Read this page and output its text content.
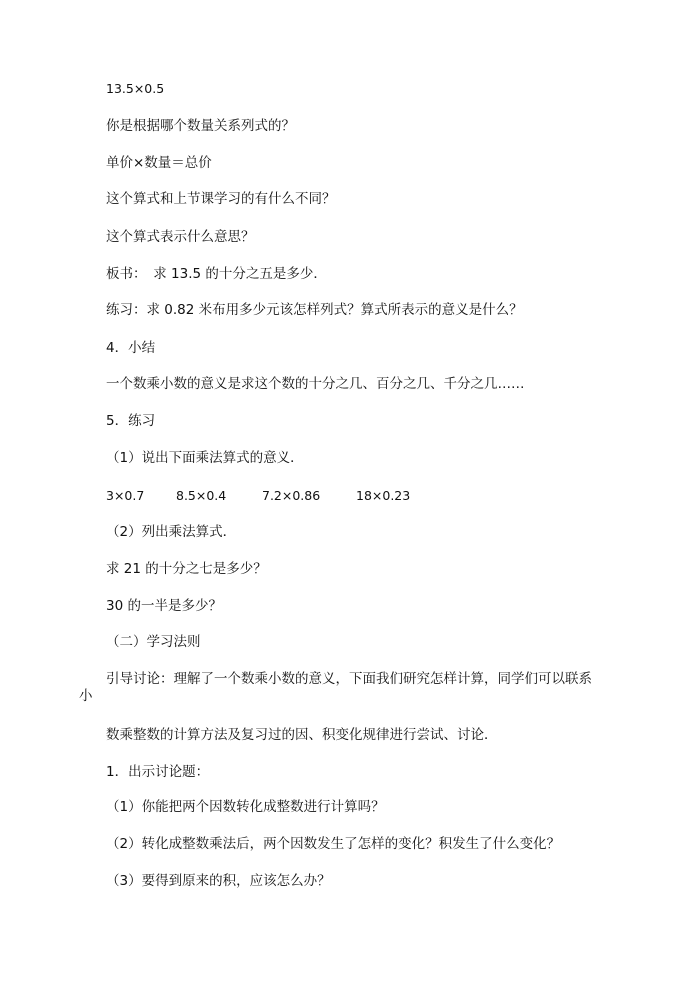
13.5×0.5
你是根据哪个数量关系列式的？
单价×数量＝总价
这个算式和上节课学习的有什么不同？
这个算式表示什么意思？
板书：　求 13.5 的十分之五是多少．
练习：求 0.82 米布用多少元该怎样列式？算式所表示的意义是什么？
4．小结
一个数乘小数的意义是求这个数的十分之几、百分之几、千分之几……
5．练习
（1）说出下面乘法算式的意义．
3×0.7	8.5×0.4	7.2×0.86	18×0.23
（2）列出乘法算式．
求 21 的十分之七是多少？
30 的一半是多少？
（二）学习法则
引导讨论：理解了一个数乘小数的意义，下面我们研究怎样计算，同学们可以联系
小
数乘整数的计算方法及复习过的因、积变化规律进行尝试、讨论．
1．出示讨论题：
（1）你能把两个因数转化成整数进行计算吗？
（2）转化成整数乘法后，两个因数发生了怎样的变化？积发生了什么变化？
（3）要得到原来的积，应该怎么办？
